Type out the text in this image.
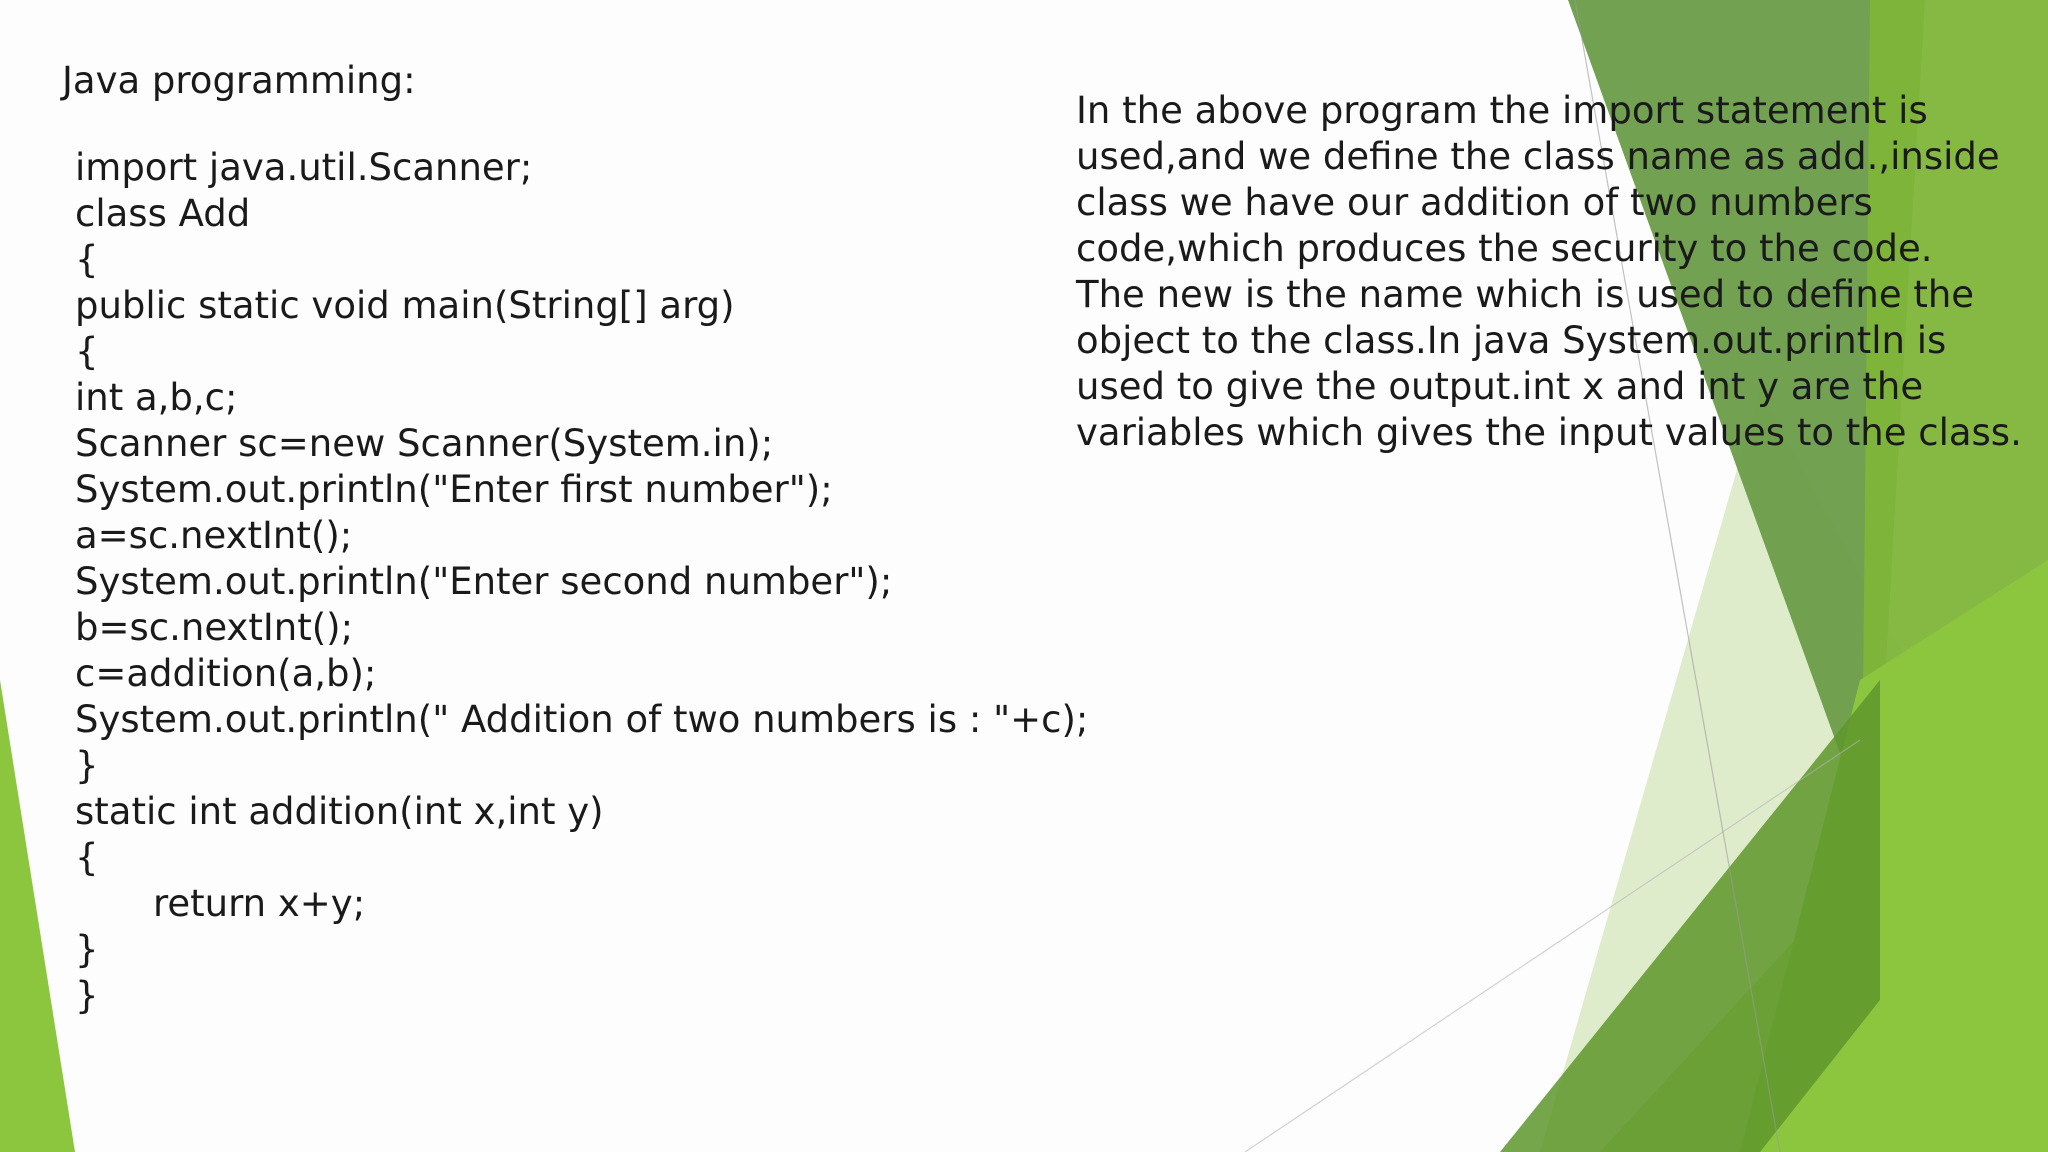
Java programming:
import java.util.Scanner;
class Add
{
public static void main(String[] arg)
{
int a,b,c;
Scanner sc=new Scanner(System.in);
System.out.println("Enter first number");
a=sc.nextInt();
System.out.println("Enter second number");
b=sc.nextInt();
c=addition(a,b);
System.out.println(" Addition of two numbers is : "+c);
}
static int addition(int x,int y)
{
return x+y;
}
}
In the above program the import statement is
used,and we define the class name as add.,inside
class we have our addition of two numbers
code,which produces the security to the code.
The new is the name which is used to define the
object to the class.In java System.out.println is
used to give the output.int x and int y are the
variables which gives the input values to the class.
